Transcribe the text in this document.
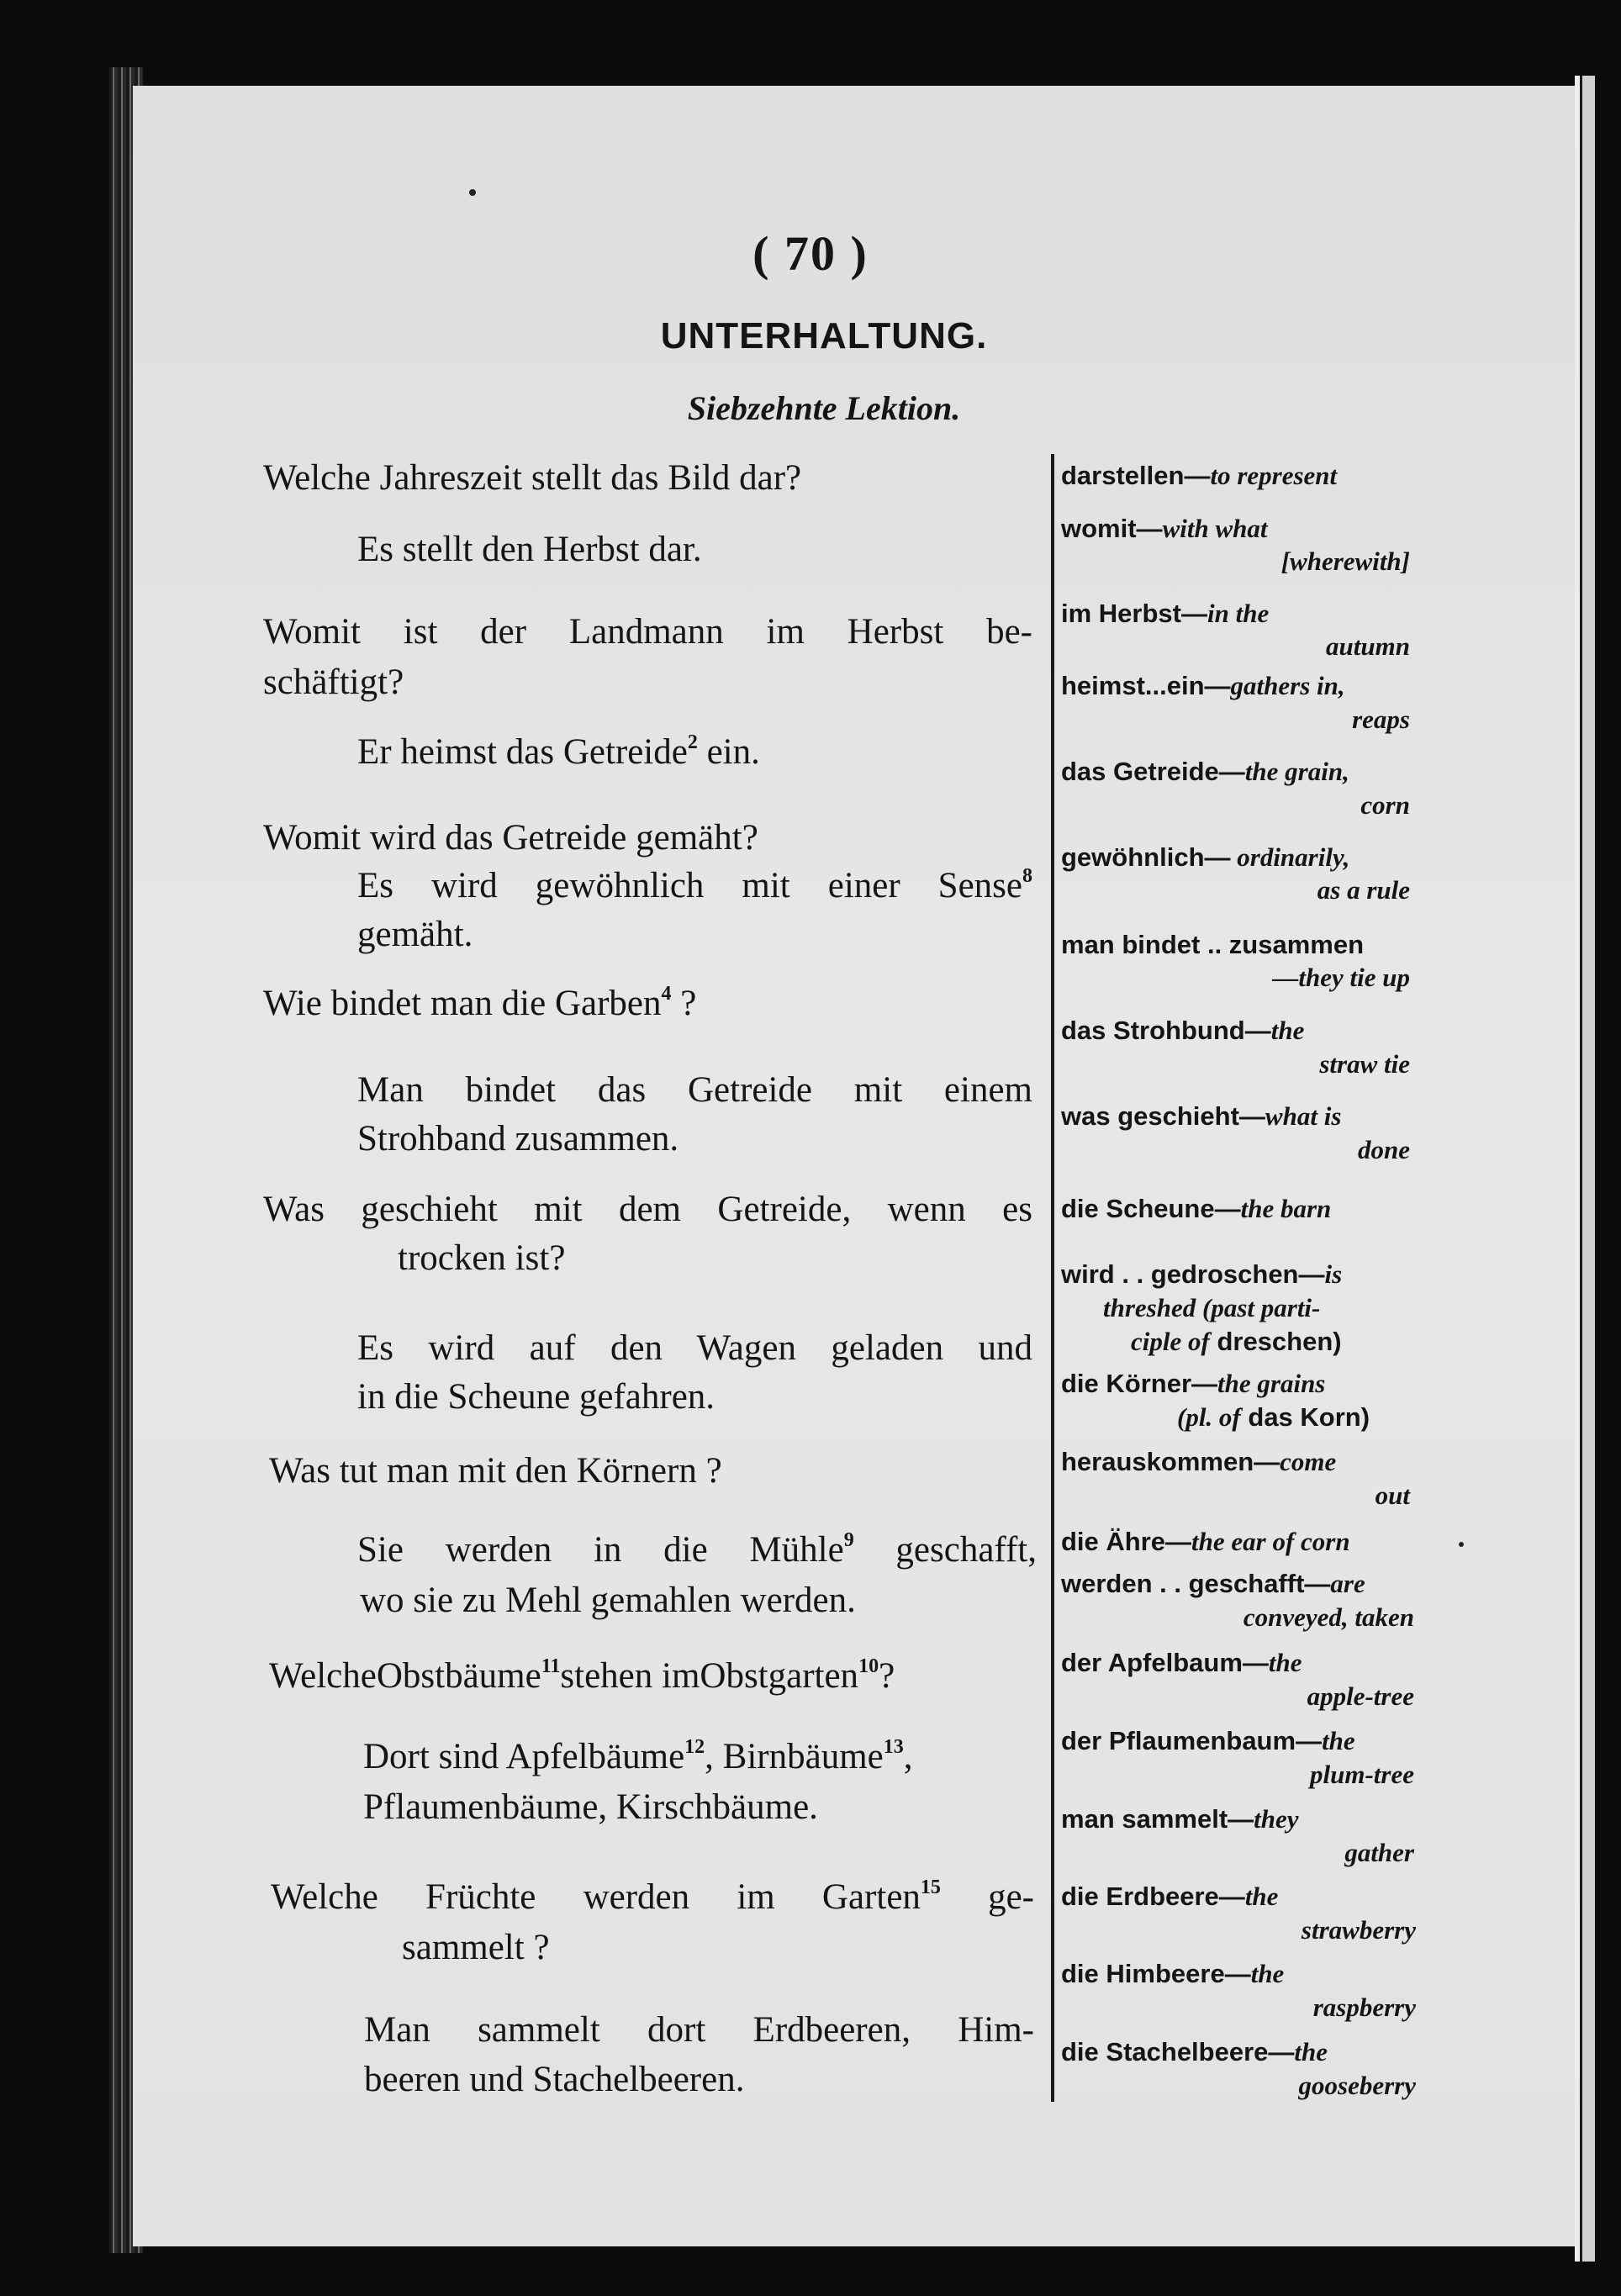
( 70 )
UNTERHALTUNG.
Siebzehnte Lektion.
Welche Jahreszeit stellt das Bild dar?
Es stellt den Herbst dar.
Womit ist der Landmann im Herbst be-
schäftigt?
Er heimst das Getreide$^2$ ein.
Womit wird das Getreide gemäht?
Es wird gewöhnlich mit einer Sense$^8$
gemäht.
Wie bindet man die Garben$^4$ ?
Man bindet das Getreide mit einem
Strohband zusammen.
Was geschieht mit dem Getreide, wenn es
trocken ist?
Es wird auf den Wagen geladen und
in die Scheune gefahren.
Was tut man mit den Körnern ?
Sie werden in die Mühle$^9$ geschafft,
wo sie zu Mehl gemahlen werden.
WelcheObstbäume$^{11}$stehen imObstgarten$^{10}$?
Dort sind Apfelbäume$^{12}$, Birnbäume$^{13}$,
Pflaumenbäume, Kirschbäume.
Welche Früchte werden im Garten$^{15}$ ge-
sammelt ?
Man sammelt dort Erdbeeren, Him-
beeren und Stachelbeeren.
darstellen—to represent
womit—with what
[wherewith]
im Herbst—in the
autumn
heimst...ein—gathers in,
reaps
das Getreide—the grain,
corn
gewöhnlich— ordinarily,
as a rule
man bindet .. zusammen
—they tie up
das Strohbund—the
straw tie
was geschieht—what is
done
die Scheune—the barn
wird . . gedroschen—is
threshed (past parti-
ciple of dreschen)
die Körner—the grains
(pl. of das Korn)
herauskommen—come
out
die Ähre—the ear of corn
werden . . geschafft—are
conveyed, taken
der Apfelbaum—the
apple-tree
der Pflaumenbaum—the
plum-tree
man sammelt—they
gather
die Erdbeere—the
strawberry
die Himbeere—the
raspberry
die Stachelbeere—the
gooseberry
